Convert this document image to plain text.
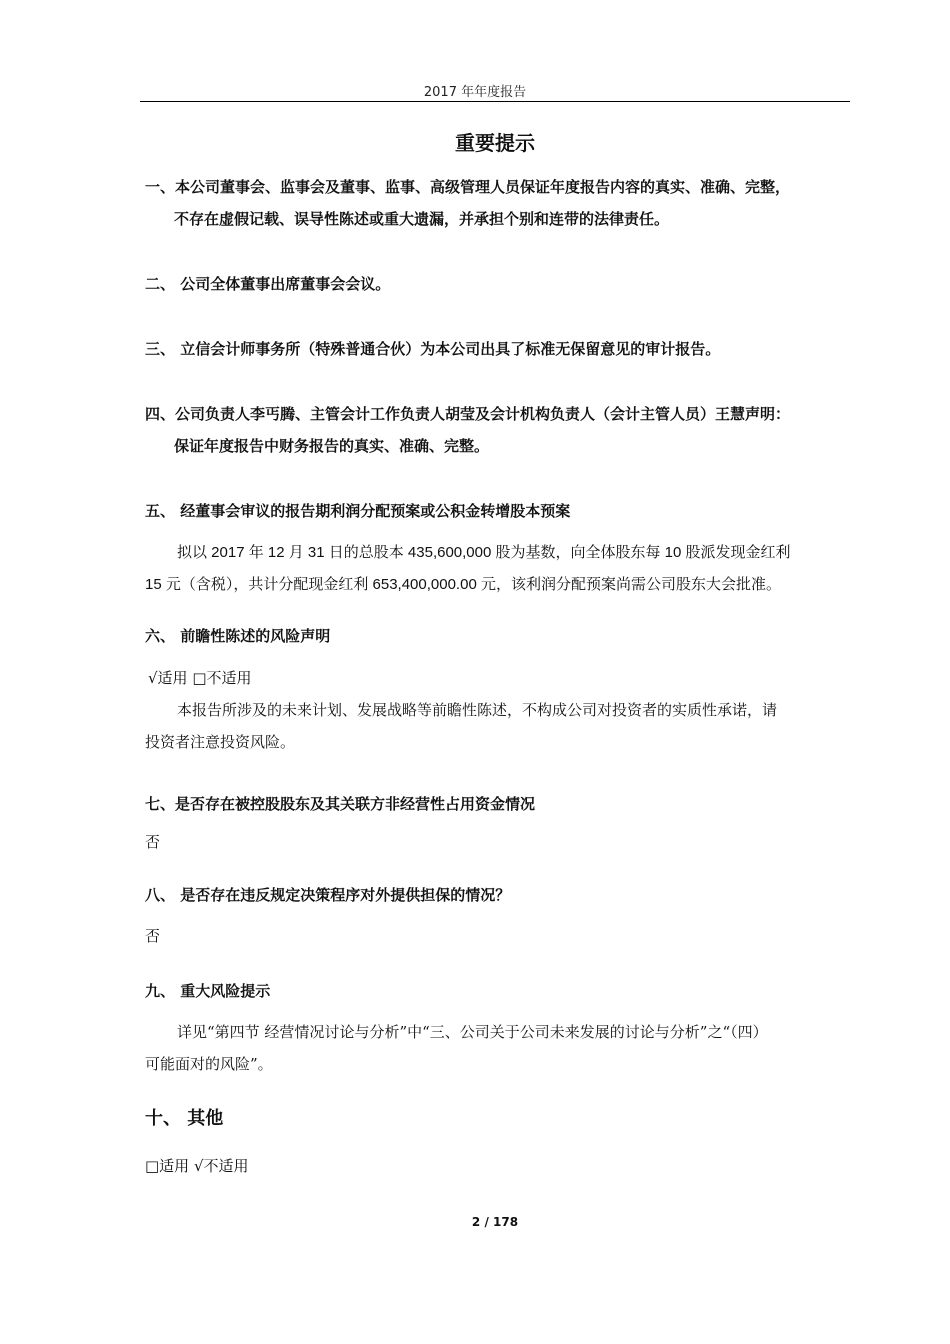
2017 年年度报告
重要提示
一、本公司董事会、监事会及董事、监事、高级管理人员保证年度报告内容的真实、准确、完整，
不存在虚假记载、误导性陈述或重大遗漏，并承担个别和连带的法律责任。
二、 公司全体董事出席董事会会议。
三、 立信会计师事务所（特殊普通合伙）为本公司出具了标准无保留意见的审计报告。
四、公司负责人李丐腾、主管会计工作负责人胡莹及会计机构负责人（会计主管人员）王慧声明：
保证年度报告中财务报告的真实、准确、完整。
五、 经董事会审议的报告期利润分配预案或公积金转增股本预案
拟以 2017 年 12 月 31 日的总股本 435,600,000 股为基数，向全体股东每 10 股派发现金红利
15 元（含税），共计分配现金红利 653,400,000.00 元，该利润分配预案尚需公司股东大会批准。
六、 前瞻性陈述的风险声明
√适用 □不适用
本报告所涉及的未来计划、发展战略等前瞻性陈述，不构成公司对投资者的实质性承诺，请
投资者注意投资风险。
七、是否存在被控股股东及其关联方非经营性占用资金情况
否
八、 是否存在违反规定决策程序对外提供担保的情况？
否
九、 重大风险提示
详见“第四节 经营情况讨论与分析”中“三、公司关于公司未来发展的讨论与分析”之“（四）
可能面对的风险”。
十、 其他
□适用 √不适用
2 / 178
